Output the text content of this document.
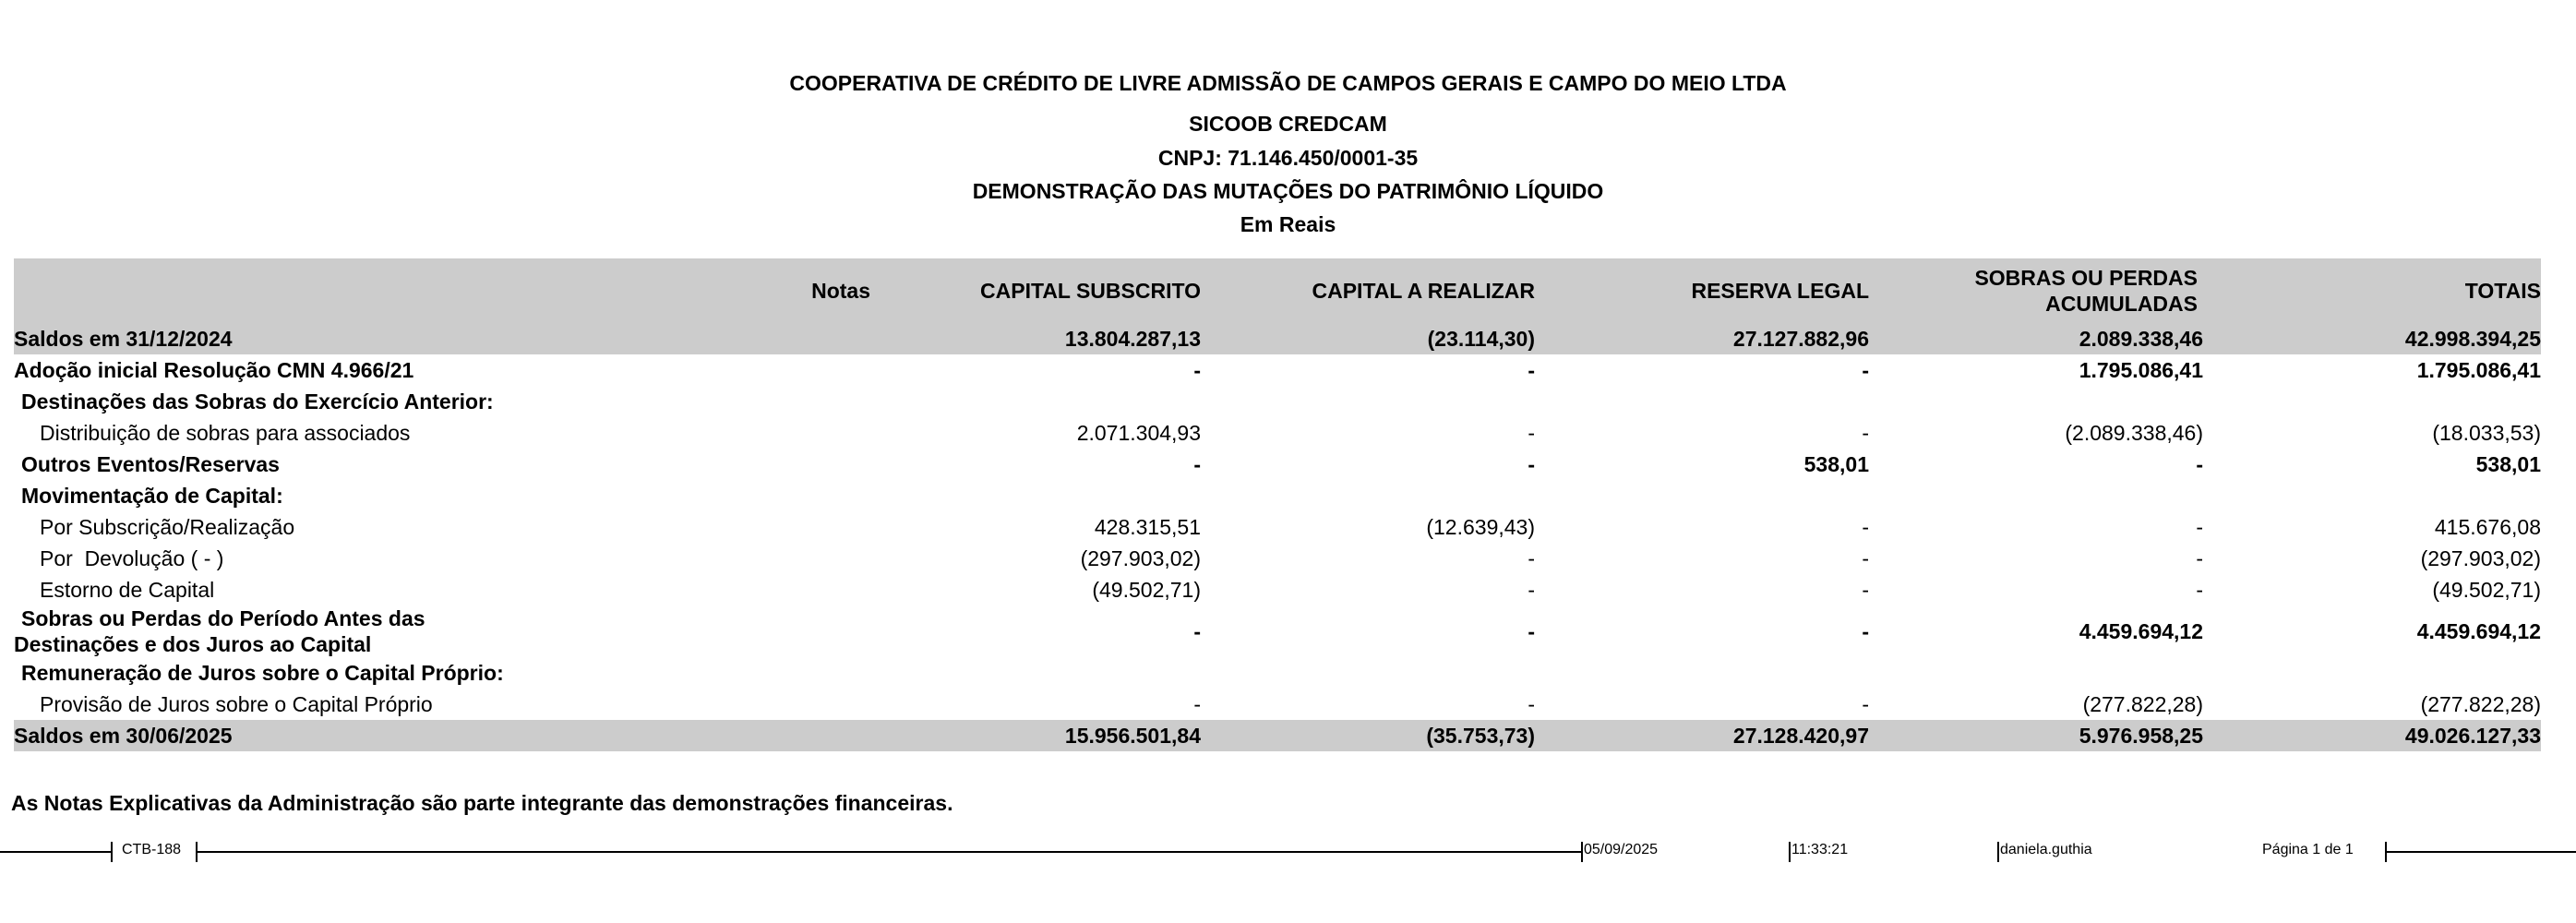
COOPERATIVA DE CRÉDITO DE LIVRE ADMISSÃO DE CAMPOS GERAIS E CAMPO DO MEIO LTDA
SICOOB CREDCAM
CNPJ: 71.146.450/0001-35
DEMONSTRAÇÃO DAS MUTAÇÕES DO PATRIMÔNIO LÍQUIDO
Em Reais
Notas	CAPITAL SUBSCRITO	CAPITAL A REALIZAR	RESERVA LEGAL	SOBRAS OU PERDAS ACUMULADAS	TOTAIS
Saldos em 31/12/2024	13.804.287,13	(23.114,30)	27.127.882,96	2.089.338,46	42.998.394,25
Adoção inicial Resolução CMN 4.966/21	-	-	-	1.795.086,41	1.795.086,41
Destinações das Sobras do Exercício Anterior:					
Distribuição de sobras para associados	2.071.304,93	-	-	(2.089.338,46)	(18.033,53)
Outros Eventos/Reservas	-	-	538,01	-	538,01
Movimentação de Capital:					
Por Subscrição/Realização	428.315,51	(12.639,43)	-	-	415.676,08
Por  Devolução ( - )	(297.903,02)	-	-	-	(297.903,02)
Estorno de Capital	(49.502,71)	-	-	-	(49.502,71)

Sobras ou Perdas do Período Antes das Destinações e dos Juros ao Capital	-	-	-	4.459.694,12	4.459.694,12
Remuneração de Juros sobre o Capital Próprio:					
Provisão de Juros sobre o Capital Próprio	-	-	-	(277.822,28)	(277.822,28)
Saldos em 30/06/2025	15.956.501,84	(35.753,73)	27.128.420,97	5.976.958,25	49.026.127,33
As Notas Explicativas da Administração são parte integrante das demonstrações financeiras.
CTB-188	05/09/2025	11:33:21	daniela.guthia	Página 1 de 1
